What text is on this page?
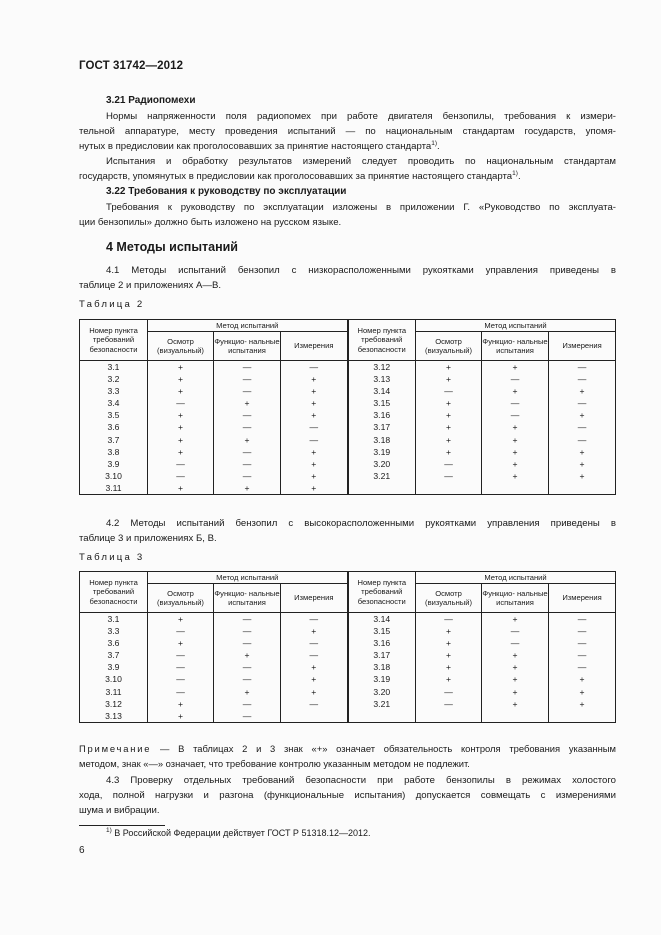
ГОСТ 31742—2012
3.21 Радиопомехи
Нормы напряженности поля радиопомех при работе двигателя бензопилы, требования к измери-
тельной аппаратуре, месту проведения испытаний — по национальным стандартам государств, упомя-
нутых в предисловии как проголосовавших за принятие настоящего стандарта$^{1)}$.
Испытания и обработку результатов измерений следует проводить по национальным стандартам
государств, упомянутых в предисловии как проголосовавших за принятие настоящего стандарта$^{1)}$.
3.22 Требования к руководству по эксплуатации
Требования к руководству по эксплуатации изложены в приложении Г. «Руководство по эксплуата-
ции бензопилы» должно быть изложено на русском языке.
4 Методы испытаний
4.1 Методы испытаний бензопил с низкорасположенными рукоятками управления приведены в
таблице 2 и приложениях А—В.
Таблица 2
Номер пункта требований безопасности	Метод испытаний			Номер пункта требований безопасности	Метод испытаний		
	Осмотр (визуальный)	Функцио- нальные испытания	Измерения		Осмотр (визуальный)	Функцио- нальные испытания	Измерения
3.1	+	—	—	3.12	+	+	—
3.2	+	—	+	3.13	+	—	—
3.3	+	—	+	3.14	—	+	+
3.4	—	+	+	3.15	+	—	—
3.5	+	—	+	3.16	+	—	+
3.6	+	—	—	3.17	+	+	—
3.7	+	+	—	3.18	+	+	—
3.8	+	—	+	3.19	+	+	+
3.9	—	—	+	3.20	—	+	+
3.10	—	—	+	3.21	—	+	+
3.11	+	+	+				
4.2 Методы испытаний бензопил с высокорасположенными рукоятками управления приведены в
таблице 3 и приложениях Б, В.
Таблица 3
Номер пункта требований безопасности	Метод испытаний			Номер пункта требований безопасности	Метод испытаний		
	Осмотр (визуальный)	Функцио- нальные испытания	Измерения		Осмотр (визуальный)	Функцио- нальные испытания	Измерения
3.1	+	—	—	3.14	—	+	—
3.3	—	—	+	3.15	+	—	—
3.6	+	—	—	3.16	+	—	—
3.7	—	+	—	3.17	+	+	—
3.9	—	—	+	3.18	+	+	—
3.10	—	—	+	3.19	+	+	+
3.11	—	+	+	3.20	—	+	+
3.12	+	—	—	3.21	—	+	+
3.13	+	—					
Примечание — В таблицах 2 и 3 знак «+» означает обязательность контроля требования указанным
методом, знак «—» означает, что требование контролю указанным методом не подлежит.
4.3 Проверку отдельных требований безопасности при работе бензопилы в режимах холостого
хода, полной нагрузки и разгона (функциональные испытания) допускается совмещать с измерениями
шума и вибрации.
$^{1)}$ В Российской Федерации действует ГОСТ Р 51318.12—2012.
6
